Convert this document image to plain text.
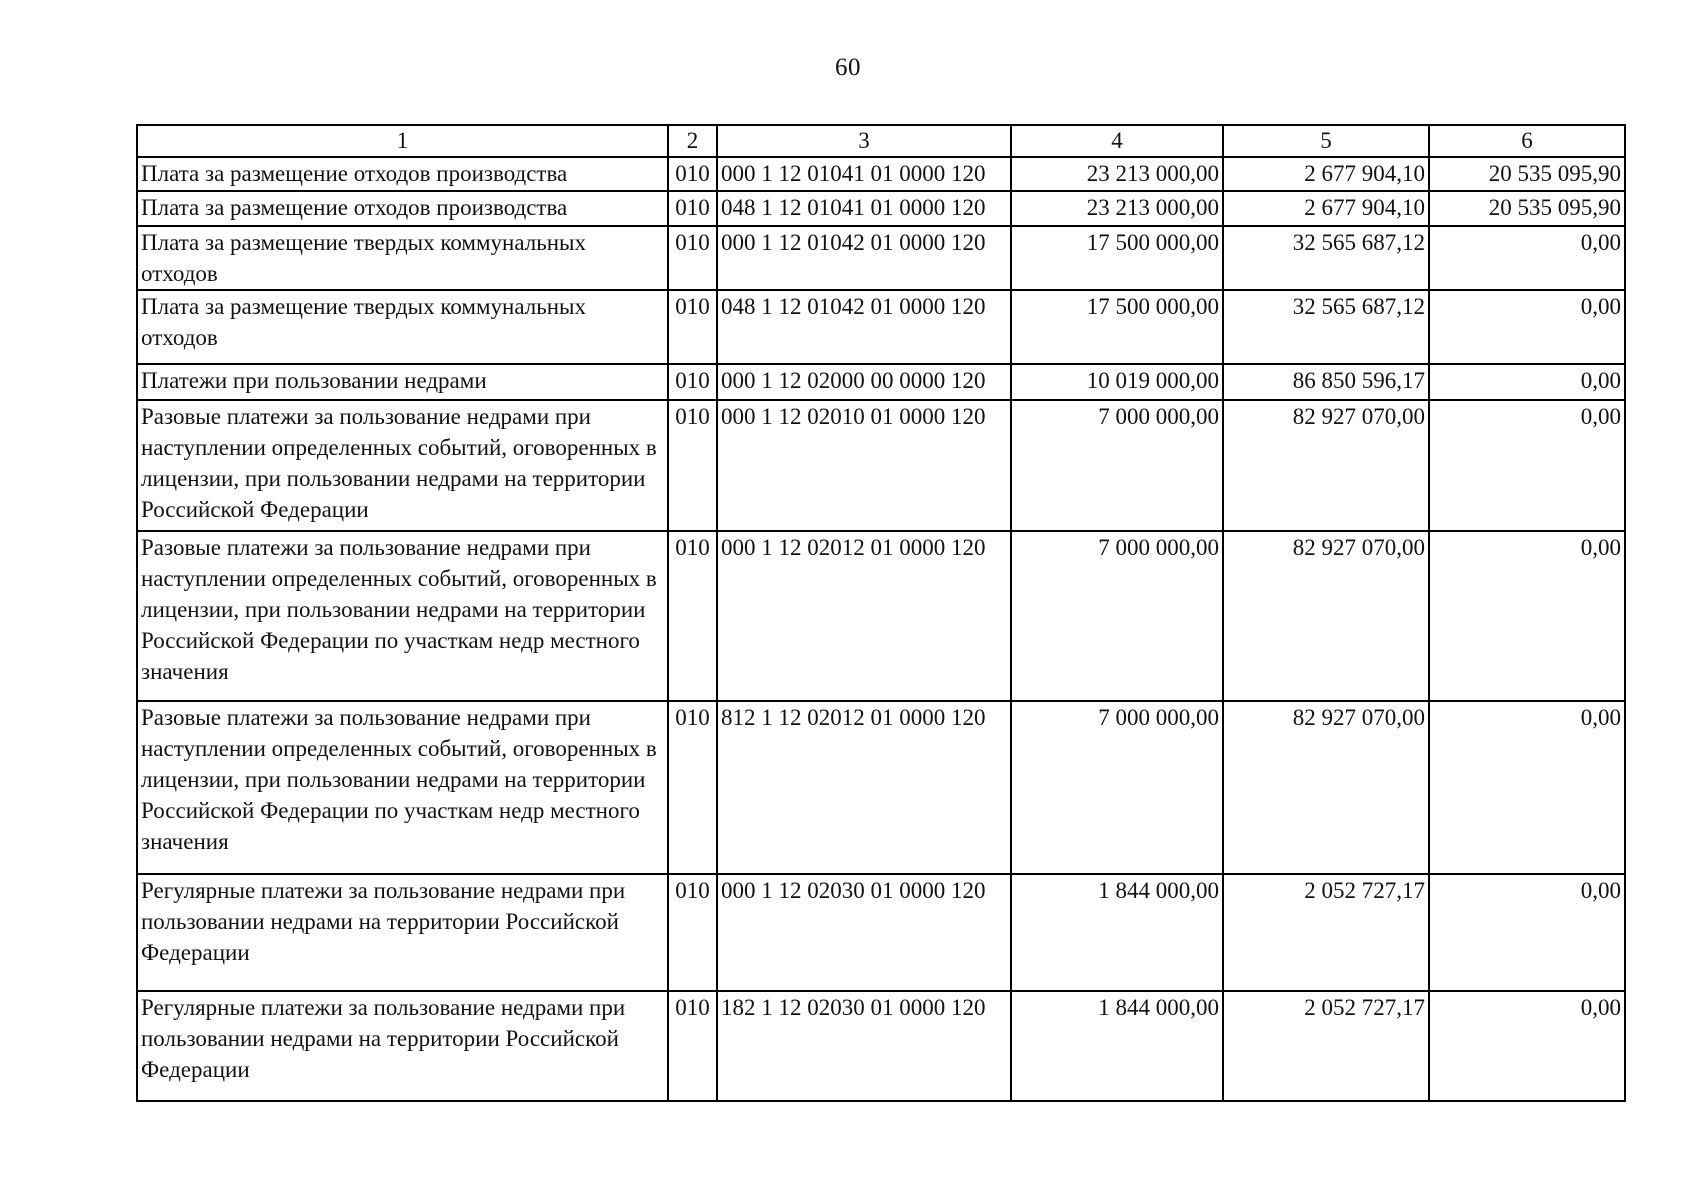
60
1	2	3	4	5	6
Плата за размещение отходов производства	010	000 1 12 01041 01 0000 120	23 213 000,00	2 677 904,10	20 535 095,90
Плата за размещение отходов производства	010	048 1 12 01041 01 0000 120	23 213 000,00	2 677 904,10	20 535 095,90
Плата за размещение твердых коммунальных отходов	010	000 1 12 01042 01 0000 120	17 500 000,00	32 565 687,12	0,00
Плата за размещение твердых коммунальных отходов	010	048 1 12 01042 01 0000 120	17 500 000,00	32 565 687,12	0,00
Платежи при пользовании недрами	010	000 1 12 02000 00 0000 120	10 019 000,00	86 850 596,17	0,00
Разовые платежи за пользование недрами при наступлении определенных событий, оговоренных в лицензии, при пользовании недрами на территории Российской Федерации	010	000 1 12 02010 01 0000 120	7 000 000,00	82 927 070,00	0,00
Разовые платежи за пользование недрами при наступлении определенных событий, оговоренных в лицензии, при пользовании недрами на территории Российской Федерации по участкам недр местного значения	010	000 1 12 02012 01 0000 120	7 000 000,00	82 927 070,00	0,00
Разовые платежи за пользование недрами при наступлении определенных событий, оговоренных в лицензии, при пользовании недрами на территории Российской Федерации по участкам недр местного значения	010	812 1 12 02012 01 0000 120	7 000 000,00	82 927 070,00	0,00
Регулярные платежи за пользование недрами при пользовании недрами на территории Российской Федерации	010	000 1 12 02030 01 0000 120	1 844 000,00	2 052 727,17	0,00
Регулярные платежи за пользование недрами при пользовании недрами на территории Российской Федерации	010	182 1 12 02030 01 0000 120	1 844 000,00	2 052 727,17	0,00
